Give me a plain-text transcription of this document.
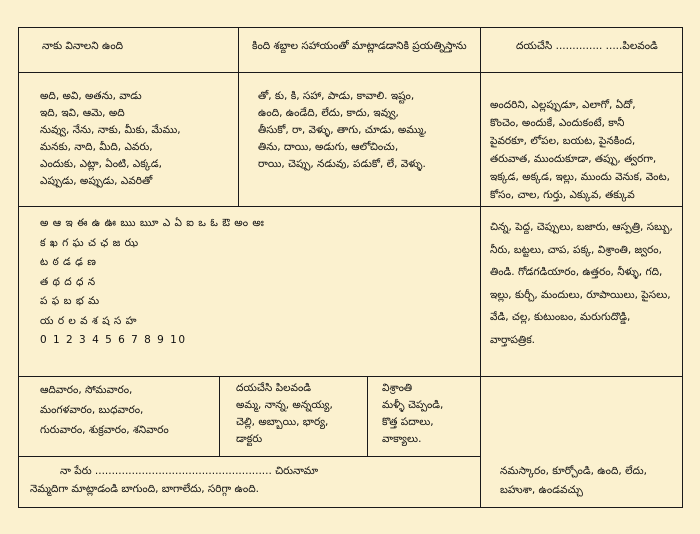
నాకు వినాలని ఉంది	కింది శబ్దాల సహాయంతో మాట్లాడడానికి ప్రయత్నిస్తాను	దయచేసి .............. .....పిలవండి
అది, అవి, అతను, వాడు
ఇది, ఇవి, ఆమె, అది
నువ్వు, నేను, నాకు, మీకు, మేము,
మనకు, నాది, మీది, ఎవరు,
ఎందుకు, ఎట్లా, ఏంటి, ఎక్కడ,
ఎప్పుడు, అప్పుడు, ఎవరితో
తో, కు, కి, సహా, పాడు, కావాలి. ఇష్టం,
ఉంది, ఉండేది, లేదు, కాదు, ఇవ్వు,
తీసుకో, రా, వెళ్ళు, తాగు, చూడు, అమ్ము,
తిను, దాయి, అడుగు, ఆలోచించు,
రాయి, చెప్పు, నడువు, పడుకో, లే, వెళ్ళు.
అందరిని, ఎల్లప్పుడూ, ఎలాగో, ఏదో,
కొంచెం, అందుకే, ఎందుకంటే, కానీ
పైవరకూ, లోపల, బయట, పైనకింద,
తరువాత, ముందుకూడా, తప్పు, త్వరగా,
ఇక్కడ, అక్కడ, ఇల్లు, ముందు వెనుక, వెంట,
కోసం, చాల, గుర్తు, ఎక్కువ, తక్కువ
అ ఆ ఇ ఈ ఉ ఊ ఋ ౠ ఎ ఏ ఐ ఒ ఓ ఔ అం అః
క ఖ గ ఘ చ ఛ జ ఝ
ట ఠ డ ఢ ణ
త థ ద ధ న
ప ఫ బ భ మ
య ర ల వ శ ష స హ
0 1 2 3 4 5 6 7 8 9 10
చిన్న, పెద్ద, చెప్పులు, బజారు, ఆస్పత్రి, సబ్బు,
నీరు, బట్టలు, చాప, పక్క, విశ్రాంతి, జ్వరం,
తిండి. గోడగడియారం, ఉత్తరం, నీళ్ళు, గది,
ఇల్లు, కుర్చీ, మందులు, రూపాయిలు, పైసలు,
వేడి, చల్ల, కుటుంబం, మరుగుదొడ్డి,
వార్తాపత్రిక.
ఆదివారం, సోమవారం,
మంగళవారం, బుధవారం,
గురువారం, శుక్రవారం, శనివారం
దయచేసి పిలవండి
అమ్మ, నాన్న, అన్నయ్య,
చెల్లి, అబ్బాయి, భార్య,
డాక్టరు
విశ్రాంతి
మళ్ళీ చెప్పండి,
కొత్త పదాలు,
వాక్యాలు.
నా పేరు ..................................................... చిరునామా
నెమ్మదిగా మాట్లాడండి బాగుంది, బాగాలేదు, సరిగ్గా ఉంది.
నమస్కారం, కూర్చోండి, ఉంది, లేదు,
బహుశా, ఉండవచ్చు
